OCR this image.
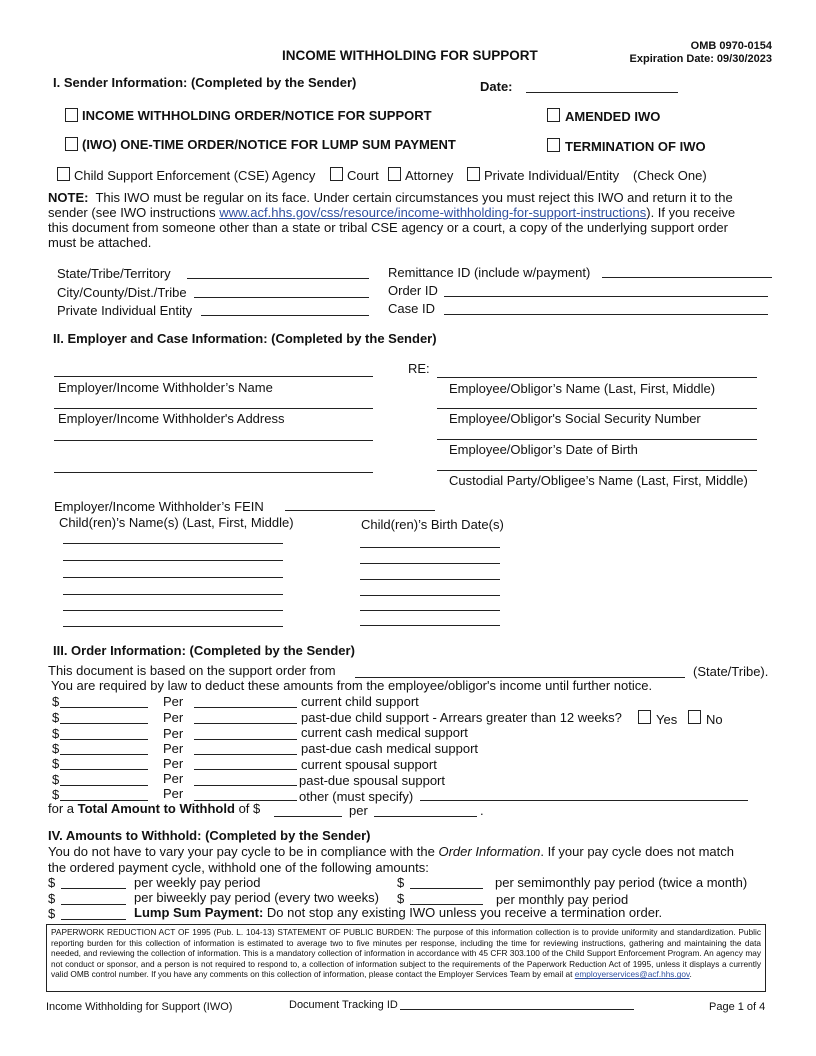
INCOME WITHHOLDING FOR SUPPORT
OMB 0970-0154
Expiration Date: 09/30/2023
I. Sender Information: (Completed by the Sender)	Date:
INCOME WITHHOLDING ORDER/NOTICE FOR SUPPORT	AMENDED IWO
(IWO) ONE-TIME ORDER/NOTICE FOR LUMP SUM PAYMENT	TERMINATION OF IWO
Child Support Enforcement (CSE) Agency Court Attorney Private Individual/Entity (Check One)
NOTE: This IWO must be regular on its face. Under certain circumstances you must reject this IWO and return it to the
sender (see IWO instructions www.acf.hhs.gov/css/resource/income-withholding-for-support-instructions). If you receive
this document from someone other than a state or tribal CSE agency or a court, a copy of the underlying support order
must be attached.
State/Tribe/Territory
City/County/Dist./Tribe
Private Individual Entity
Remittance ID (include w/payment)
Order ID
Case ID
II. Employer and Case Information: (Completed by the Sender)
RE:
Employer/Income Withholder’s Name
Employer/Income Withholder's Address
Employee/Obligor’s Name (Last, First, Middle)
Employee/Obligor's Social Security Number
Employee/Obligor’s Date of Birth
Custodial Party/Obligee’s Name (Last, First, Middle)
Employer/Income Withholder’s FEIN
Child(ren)’s Name(s) (Last, First, Middle)	Child(ren)’s Birth Date(s)
III. Order Information: (Completed by the Sender)
This document is based on the support order from	(State/Tribe).
You are required by law to deduct these amounts from the employee/obligor's income until further notice.
$	Per	current child support
$	Per	past-due child support - Arrears greater than 12 weeks?	Yes No
$	Per	current cash medical support
$	Per	past-due cash medical support
$	Per	current spousal support
$	Per	past-due spousal support
$	Per	other (must specify)
for a Total Amount to Withhold of $	per	.
IV. Amounts to Withhold: (Completed by the Sender)
You do not have to vary your pay cycle to be in compliance with the Order Information. If your pay cycle does not match
the ordered payment cycle, withhold one of the following amounts:
$	per weekly pay period	$	per semimonthly pay period (twice a month)
$	per biweekly pay period (every two weeks) $	per monthly pay period
$	Lump Sum Payment: Do not stop any existing IWO unless you receive a termination order.
PAPERWORK REDUCTION ACT OF 1995 (Pub. L. 104-13) STATEMENT OF PUBLIC BURDEN: The purpose of this information collection is to provide uniformity and standardization. Public reporting burden for this collection of information is estimated to average two to five minutes per response, including the time for reviewing instructions, gathering and maintaining the data needed, and reviewing the collection of information. This is a mandatory collection of information in accordance with 45 CFR 303.100 of the Child Support Enforcement Program. An agency may not conduct or sponsor, and a person is not required to respond to, a collection of information subject to the requirements of the Paperwork Reduction Act of 1995, unless it displays a currently valid OMB control number. If you have any comments on this collection of information, please contact the Employer Services Team by email at employerservices@acf.hhs.gov.
Income Withholding for Support (IWO)	Document Tracking ID	Page 1 of 4
